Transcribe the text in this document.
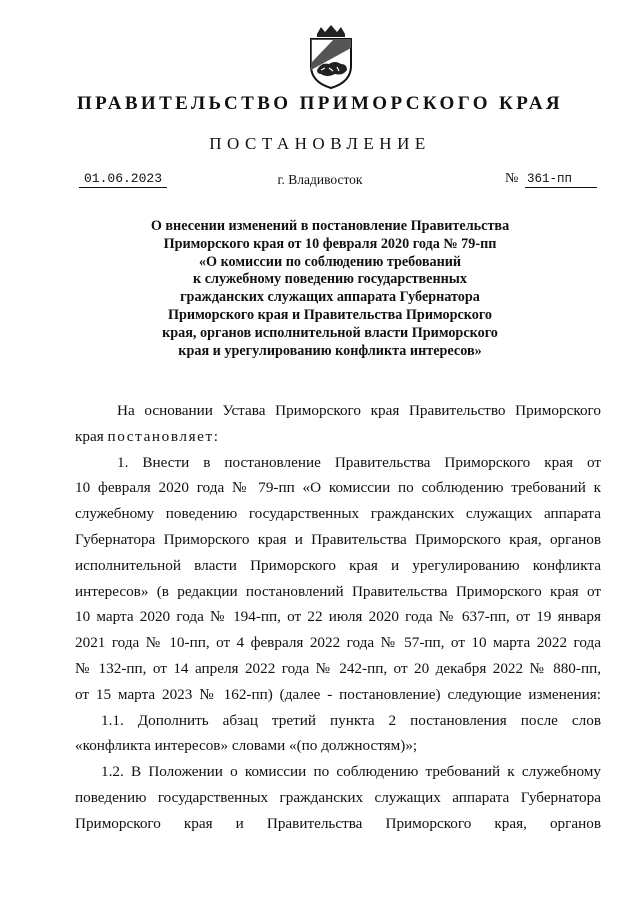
ПРАВИТЕЛЬСТВО ПРИМОРСКОГО КРАЯ
ПОСТАНОВЛЕНИЕ
01.06.2023	г. Владивосток	№ 361-пп
О внесении изменений в постановление Правительства
Приморского края от 10 февраля 2020 года № 79-пп
«О комиссии по соблюдению требований
к служебному поведению государственных
гражданских служащих аппарата Губернатора
Приморского края и Правительства Приморского
края, органов исполнительной власти Приморского
края и урегулированию конфликта интересов»
На основании Устава Приморского края Правительство Приморского
края постановляет:
1. Внести в постановление Правительства Приморского края от
10 февраля 2020 года № 79-пп «О комиссии по соблюдению требований к
служебному поведению государственных гражданских служащих аппарата
Губернатора Приморского края и Правительства Приморского края, органов
исполнительной власти Приморского края и урегулированию конфликта
интересов» (в редакции постановлений Правительства Приморского края от
10 марта 2020 года № 194-пп, от 22 июля 2020 года № 637-пп, от 19 января
2021 года № 10-пп, от 4 февраля 2022 года № 57-пп, от 10 марта 2022 года
№ 132-пп, от 14 апреля 2022 года № 242-пп, от 20 декабря 2022 № 880-пп,
от 15 марта 2023 № 162-пп) (далее - постановление) следующие изменения:
1.1. Дополнить абзац третий пункта 2 постановления после слов
«конфликта интересов» словами «(по должностям)»;
1.2. В Положении о комиссии по соблюдению требований к служебному
поведению государственных гражданских служащих аппарата Губернатора
Приморского края и Правительства Приморского края, органов
